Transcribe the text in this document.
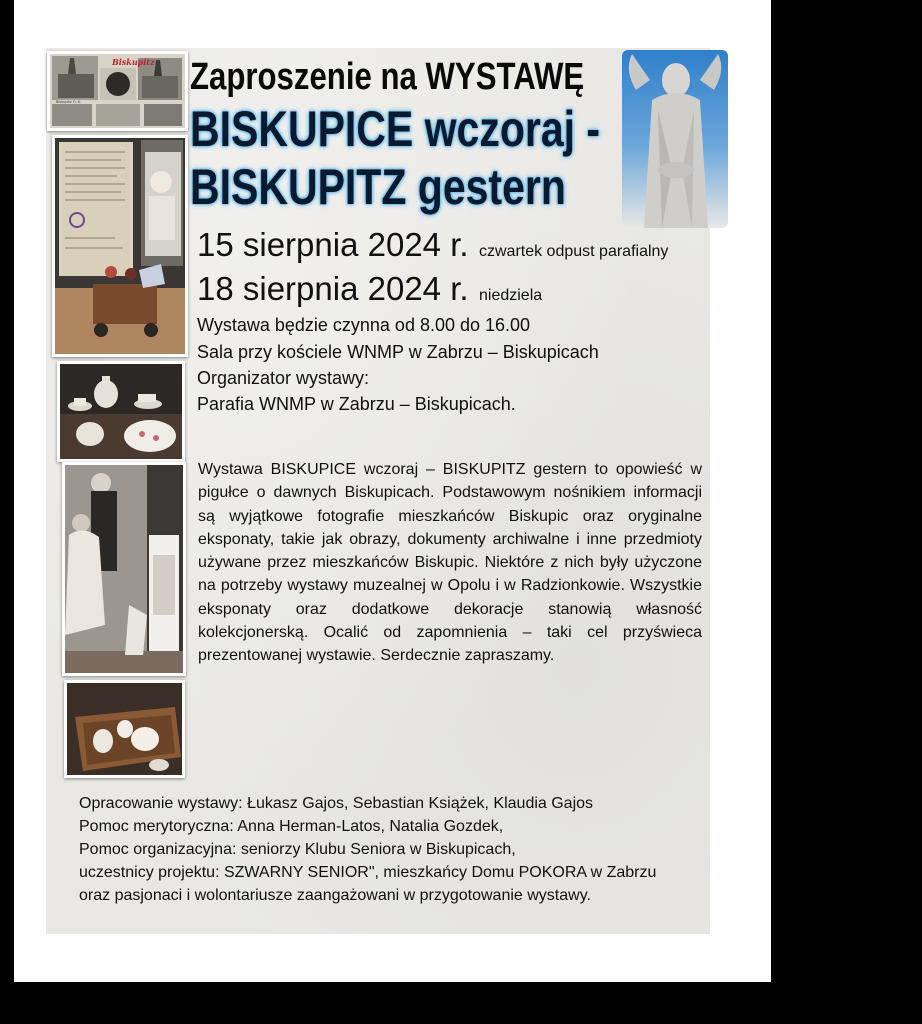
Zaproszenie na WYSTAWĘ
BISKUPICE wczoraj -
BISKUPITZ gestern
15 sierpnia 2024 r. czwartek odpust parafialny
18 sierpnia 2024 r. niedziela
Wystawa będzie czynna od 8.00 do 16.00
Sala przy kościele WNMP w Zabrzu – Biskupicach
Organizator wystawy:
Parafia WNMP w Zabrzu – Biskupicach.

Wystawa BISKUPICE wczoraj – BISKUPITZ gestern to opowieść w pigułce o dawnych Biskupicach. Podstawowym nośnikiem informacji są wyjątkowe fotografie mieszkańców Biskupic oraz oryginalne eksponaty, takie jak obrazy, dokumenty archiwalne i inne przedmioty używane przez mieszkańców Biskupic. Niektóre z nich były użyczone na potrzeby wystawy muzealnej w Opolu i w Radzionkowie. Wszystkie eksponaty oraz dodatkowe dekoracje stanowią własność kolekcjonerską. Ocalić od zapomnienia – taki cel przyświeca prezentowanej wystawie. Serdecznie zapraszamy.

Opracowanie wystawy: Łukasz Gajos, Sebastian Książek, Klaudia Gajos
Pomoc merytoryczna: Anna Herman-Latos, Natalia Gozdek,
Pomoc organizacyjna: seniorzy Klubu Seniora w Biskupicach,
uczestnicy projektu: SZWARNY SENIOR", mieszkańcy Domu POKORA w Zabrzu
oraz pasjonaci i wolontariusze zaangażowani w przygotowanie wystawy.
Biskupitz
Biskupitz O.-S.
